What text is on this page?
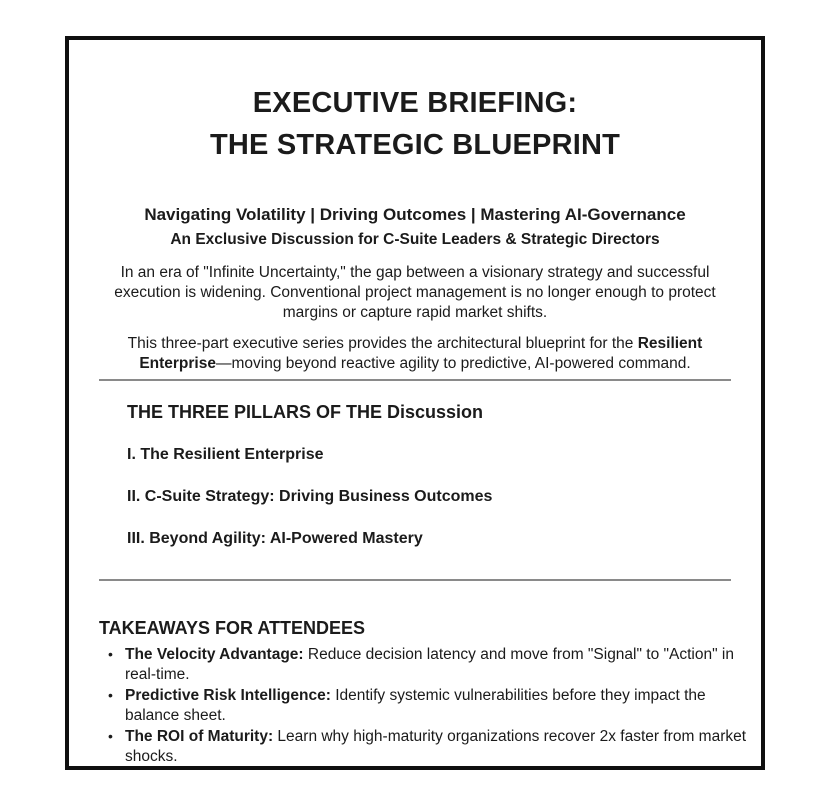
EXECUTIVE BRIEFING:
THE STRATEGIC BLUEPRINT

Navigating Volatility | Driving Outcomes | Mastering AI-Governance

An Exclusive Discussion for C-Suite Leaders & Strategic Directors

In an era of "Infinite Uncertainty," the gap between a visionary strategy and successful execution is widening. Conventional project management is no longer enough to protect margins or capture rapid market shifts.

This three-part executive series provides the architectural blueprint for the Resilient Enterprise—moving beyond reactive agility to predictive, AI-powered command.

THE THREE PILLARS OF THE Discussion

I. The Resilient Enterprise

II. C-Suite Strategy: Driving Business Outcomes

III. Beyond Agility: AI-Powered Mastery

TAKEAWAYS FOR ATTENDEES
• The Velocity Advantage: Reduce decision latency and move from "Signal" to "Action" in real-time.
• Predictive Risk Intelligence: Identify systemic vulnerabilities before they impact the balance sheet.
• The ROI of Maturity: Learn why high-maturity organizations recover 2x faster from market shocks.
